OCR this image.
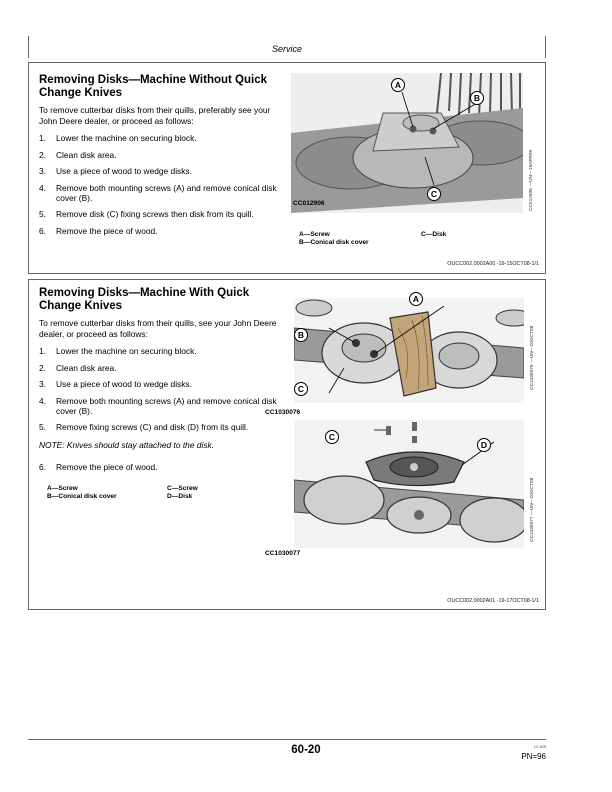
Service
Removing Disks—Machine Without Quick Change Knives
To remove cutterbar disks from their quills, preferably see your John Deere dealer, or proceed as follows:
1. Lower the machine on securing block.
2. Clean disk area.
3. Use a piece of wood to wedge disks.
4. Remove both mounting screws (A) and remove conical disk cover (B).
5. Remove disk (C) fixing screws then disk from its quill.
6. Remove the piece of wood.
A
B
C
CC012906	CC012906 —UN—19APR95
A—Screw
B—Conical disk cover
C—Disk
OUCC002,0002A00 -19-15OCT08-1/1
Removing Disks—Machine With Quick Change Knives
To remove cutterbar disks from their quills, see your John Deere dealer, or proceed as follows:
1. Lower the machine on securing block.
2. Clean disk area.
3. Use a piece of wood to wedge disks.
4. Remove both mounting screws (A) and remove conical disk cover (B).
5. Remove fixing screws (C) and disk (D) from its quill.
NOTE: Knives should stay attached to the disk.
6. Remove the piece of wood.
A—Screw
B—Conical disk cover
C—Screw
D—Disk
A
B
C
CC1030076
CC1030076 —UN—20OCT08
C
D
CC1030077
CC1030077 —UN—20OCT08
OUCC002,0002A01 -19-17OCT08-1/1
60-20	12 409
PN=96
